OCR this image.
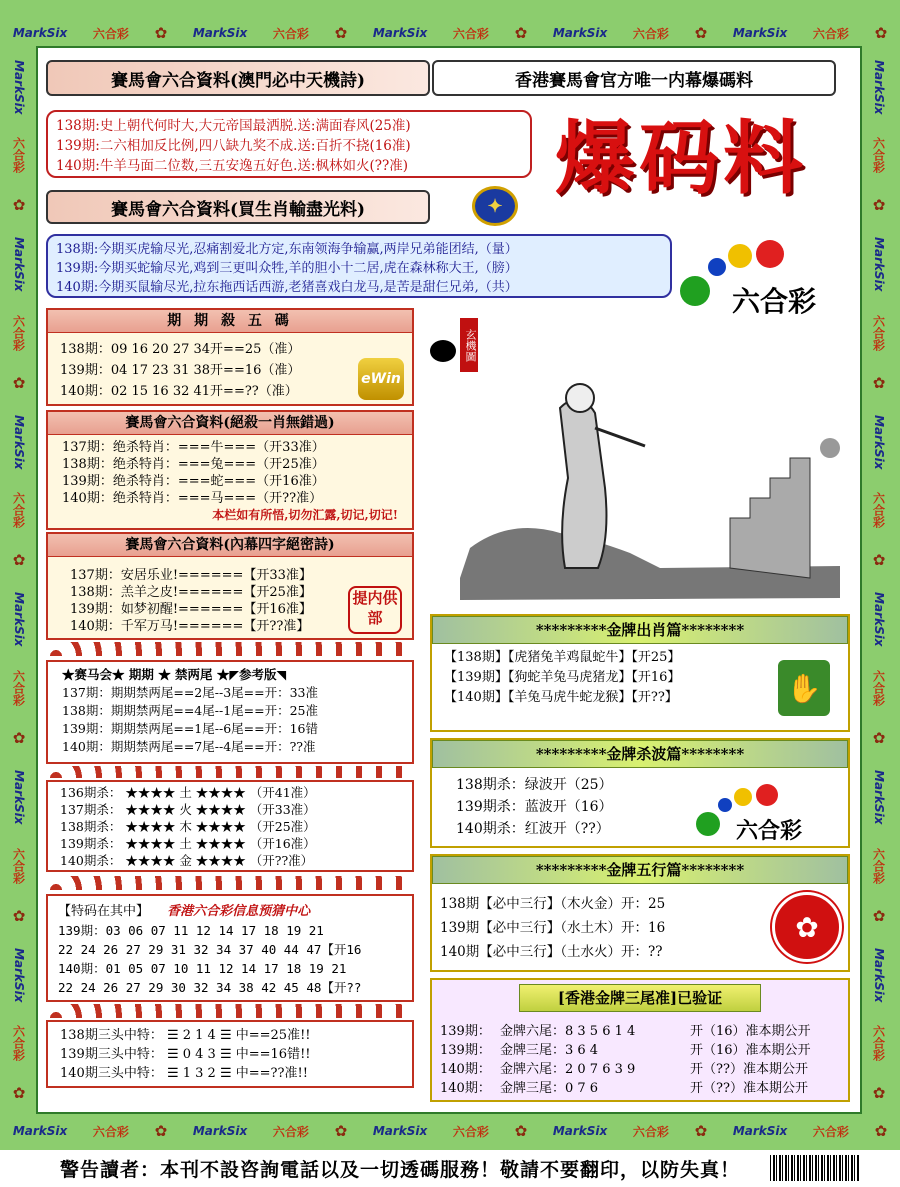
MarkSix 六合彩 ✿ MarkSix 六合彩 ✿ MarkSix 六合彩 ✿ MarkSix 六合彩 ✿ MarkSix 六合彩 ✿
MarkSix
六合彩
✿
MarkSix
六合彩
✿
MarkSix
六合彩
✿
MarkSix
六合彩
✿
MarkSix
六合彩
✿
MarkSix
六合彩
✿
MarkSix
六合彩
✿
MarkSix
六合彩
✿
MarkSix
六合彩
✿
MarkSix
六合彩
✿
MarkSix
六合彩
✿
MarkSix
六合彩
✿
MarkSix 六合彩 ✿ MarkSix 六合彩 ✿ MarkSix 六合彩 ✿ MarkSix 六合彩 ✿ MarkSix 六合彩 ✿
賽馬會六合資料(澳門必中天機詩)	香港賽馬會官方唯一内幕爆碼料
138期:史上朝代何时大,大元帝国最洒脱.送:满面春风(25准)
139期:二六相加反比例,四八缺九奖不成.送:百折不挠(16准)
140期:牛羊马面二位数,三五安逸五好色.送:枫林如火(??准)	爆码料
賽馬會六合資料(買生肖輸盡光料)	✦
138期:今期买虎输尽光,忍痛割爱北方定,东南领海争输赢,两岸兄弟能团结,（量）
139期:今期买蛇输尽光,鸡到三更叫众牲,羊的胆小十二居,虎在森林称大王,（膀）
140期:今期买鼠输尽光,拉东拖西话西游,老猪喜戏白龙马,是苦是甜仨兄弟,（共）	六合彩
期 期 殺 五 碼
138期：09 16 20 27 34开==25（准）
139期：04 17 23 31 38开==16（准）
140期：02 15 16 32 41开==??（准）
eWin
賽馬會六合資料(絕殺一肖無錯過)
137期：绝杀特肖：===牛===（开33准）
138期：绝杀特肖：===兔===（开25准）
139期：绝杀特肖：===蛇===（开16准）
140期：绝杀特肖：===马===（开??准）
本栏如有所悟,切勿汇露,切记,切记!
賽馬會六合資料(內幕四字絕密詩)
137期：安居乐业!======【开33准】
138期：羔羊之皮!======【开25准】
139期：如梦初醒!======【开16准】
140期：千军万马!======【开??准】
提内供部
★赛马会★ 期期 ★ 禁两尾 ★◤参考版◥
137期：期期禁两尾==2尾--3尾==开：33准
138期：期期禁两尾==4尾--1尾==开：25准
139期：期期禁两尾==1尾--6尾==开：16错
140期：期期禁两尾==7尾--4尾==开：??准
136期杀： ★★★★ 土 ★★★★ （开41准）
137期杀： ★★★★ 火 ★★★★ （开33准）
138期杀： ★★★★ 木 ★★★★ （开25准）
139期杀： ★★★★ 土 ★★★★ （开16准）
140期杀： ★★★★ 金 ★★★★ （开??准）
【特码在其中】 香港六合彩信息预猜中心
139期：03 06 07 11 12 14 17 18 19 21
22 24 26 27 29 31 32 34 37 40 44 47【开16
140期：01 05 07 10 11 12 14 17 18 19 21
22 24 26 27 29 30 32 34 38 42 45 48【开??
138期三头中特： ☰ 2 1 4 ☰ 中==25准!!
139期三头中特： ☰ 0 4 3 ☰ 中==16错!!
140期三头中特： ☰ 1 3 2 ☰ 中==??准!!
玄機圖
*********金牌出肖篇********
【138期】【虎猪兔羊鸡鼠蛇牛】【开25】
【139期】【狗蛇羊兔马虎猪龙】【开16】
【140期】【羊兔马虎牛蛇龙猴】【开??】	✋
*********金牌杀波篇********
138期杀：绿波开（25）
139期杀：蓝波开（16）
140期杀：红波开（??）	六合彩
*********金牌五行篇********
138期【必中三行】（木火金）开：25
139期【必中三行】（水土木）开：16
140期【必中三行】（土水火）开：??
✿
[香港金牌三尾准]已验证
139期： 金牌六尾：8 3 5 6 1 4	开（16）准本期公开
139期： 金牌三尾：3 6 4	开（16）准本期公开
140期： 金牌六尾：2 0 7 6 3 9	开（??）准本期公开
140期： 金牌三尾：0 7 6	开（??）准本期公开
警告讀者：本刊不設咨詢電話以及一切透碼服務！敬請不要翻印，以防失真！
